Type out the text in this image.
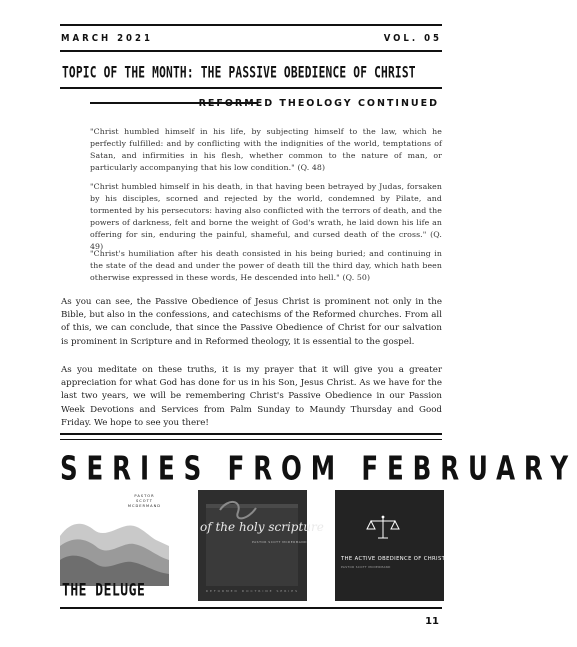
MARCH 2021	VOL. 05
TOPIC OF THE MONTH: THE PASSIVE OBEDIENCE OF CHRIST
REFORMED THEOLOGY CONTINUED

"Christ humbled himself in his life, by subjecting himself to the law, which he perfectly fulfilled: and by conflicting with the indignities of the world, temptations of Satan, and infirmities in his flesh, whether common to the nature of man, or particularly accompanying that his low condition." (Q. 48)

"Christ humbled himself in his death, in that having been betrayed by Judas, forsaken by his disciples, scorned and rejected by the world, condemned by Pilate, and tormented by his persecutors: having also conflicted with the terrors of death, and the powers of darkness, felt and borne the weight of God's wrath, he laid down his life an offering for sin, enduring the painful, shameful, and cursed death of the cross." (Q. 49)

"Christ's humiliation after his death consisted in his being buried; and continuing in the state of the dead and under the power of death till the third day, which hath been otherwise expressed in these words, He descended into hell." (Q. 50)

As you can see, the Passive Obedience of Jesus Christ is prominent not only in the Bible, but also in the confessions, and catechisms of the Reformed churches. From all of this, we can conclude, that since the Passive Obedience of Christ for our salvation is prominent in Scripture and in Reformed theology, it is essential to the gospel.

As you meditate on these truths, it is my prayer that it will give you a greater appreciation for what God has done for us in his Son, Jesus Christ. As we have for the last two years, we will be remembering Christ's Passive Obedience in our Passion Week Devotions and Services from Palm Sunday to Maundy Thursday and Good Friday. We hope to see you there!

SERIES FROM FEBRUARY
PASTOR
SCOTT
MCDERMAND
THE DELUGE
of the holy scripture
PASTOR SCOTT MCDERMAND
REFORMED DOCTRINE SERIES
THE ACTIVE OBEDIENCE OF CHRIST
PASTOR SCOTT MCDERMAND
11
